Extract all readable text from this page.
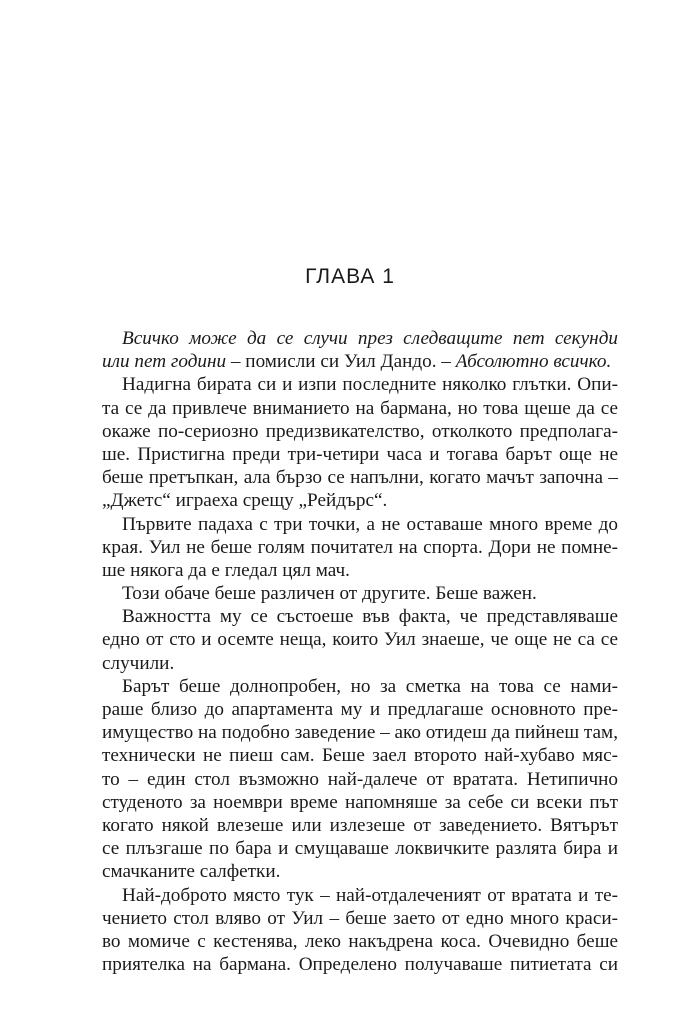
ГЛАВА 1
Всичко може да се случи през следващите пет секунди
или пет години – помисли си Уил Дандо. – Абсолютно всичко.
Надигна бирата си и изпи последните няколко глътки. Опи-
та се да привлече вниманието на бармана, но това щеше да се
окаже по-сериозно предизвикателство, отколкото предполага-
ше. Пристигна преди три-четири часа и тогава барът още не
беше претъпкан, ала бързо се напълни, когато мачът започна –
„Джетс“ играеха срещу „Рейдърс“.
Първите падаха с три точки, а не оставаше много време до
края. Уил не беше голям почитател на спорта. Дори не помне-
ше някога да е гледал цял мач.
Този обаче беше различен от другите. Беше важен.
Важността му се състоеше във факта, че представляваше
едно от сто и осемте неща, които Уил знаеше, че още не са се
случили.
Барът беше долнопробен, но за сметка на това се нами-
раше близо до апартамента му и предлагаше основното пре-
имущество на подобно заведение – ако отидеш да пийнеш там,
технически не пиеш сам. Беше заел второто най-хубаво мяс-
то – един стол възможно най-далече от вратата. Нетипично
студеното за ноември време напомняше за себе си всеки път
когато някой влезеше или излезеше от заведението. Вятърът
се плъзгаше по бара и смущаваше локвичките разлята бира и
смачканите салфетки.
Най-доброто място тук – най-отдалеченият от вратата и те-
чението стол вляво от Уил – беше заето от едно много краси-
во момиче с кестенява, леко накъдрена коса. Очевидно беше
приятелка на бармана. Определено получаваше питиетата си
